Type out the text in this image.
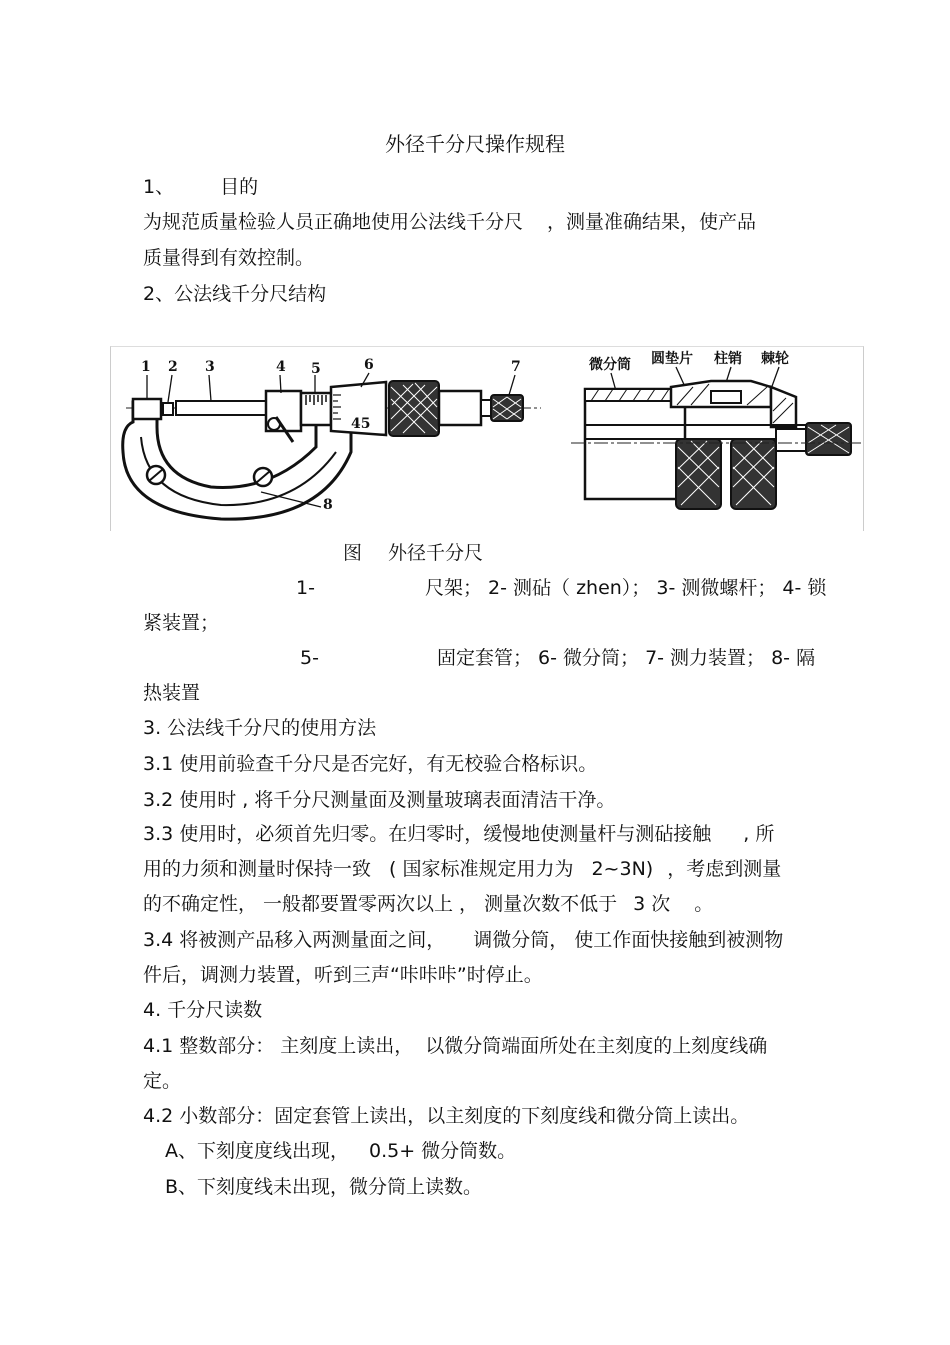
外径千分尺操作规程
1、 目的
为规范质量检验人员正确地使用公法线千分尺 ，测量准确结果，使产品
质量得到有效控制。
2、公法线千分尺结构
45
1 2 3	4 5	6	7
8
微分筒 圆垫片 柱销 棘轮
图 外径千分尺
1-	尺架； 2- 测砧（ zhen）； 3- 测微螺杆； 4- 锁
紧装置；
5-	固定套管； 6- 微分筒； 7- 测力装置； 8- 隔
热装置
3. 公法线千分尺的使用方法
3.1 使用前验查千分尺是否完好，有无校验合格标识。
3.2 使用时 , 将千分尺测量面及测量玻璃表面清洁干净。
3.3 使用时，必须首先归零。在归零时，缓慢地使测量杆与测砧接触 , 所
用的力须和测量时保持一致 ( 国家标准规定用力为 2~3N) ，考虑到测量
的不确定性， 一般都要置零两次以上 ， 测量次数不低于 3 次 。
3.4 将被测产品移入两测量面之间， 调微分筒， 使工作面快接触到被测物
件后，调测力装置，听到三声“咔咔咔”时停止。
4. 千分尺读数
4.1 整数部分： 主刻度上读出， 以微分筒端面所处在主刻度的上刻度线确
定。
4.2 小数部分：固定套管上读出，以主刻度的下刻度线和微分筒上读出。
A、下刻度度线出现， 0.5+ 微分筒数。
B、下刻度线未出现，微分筒上读数。
